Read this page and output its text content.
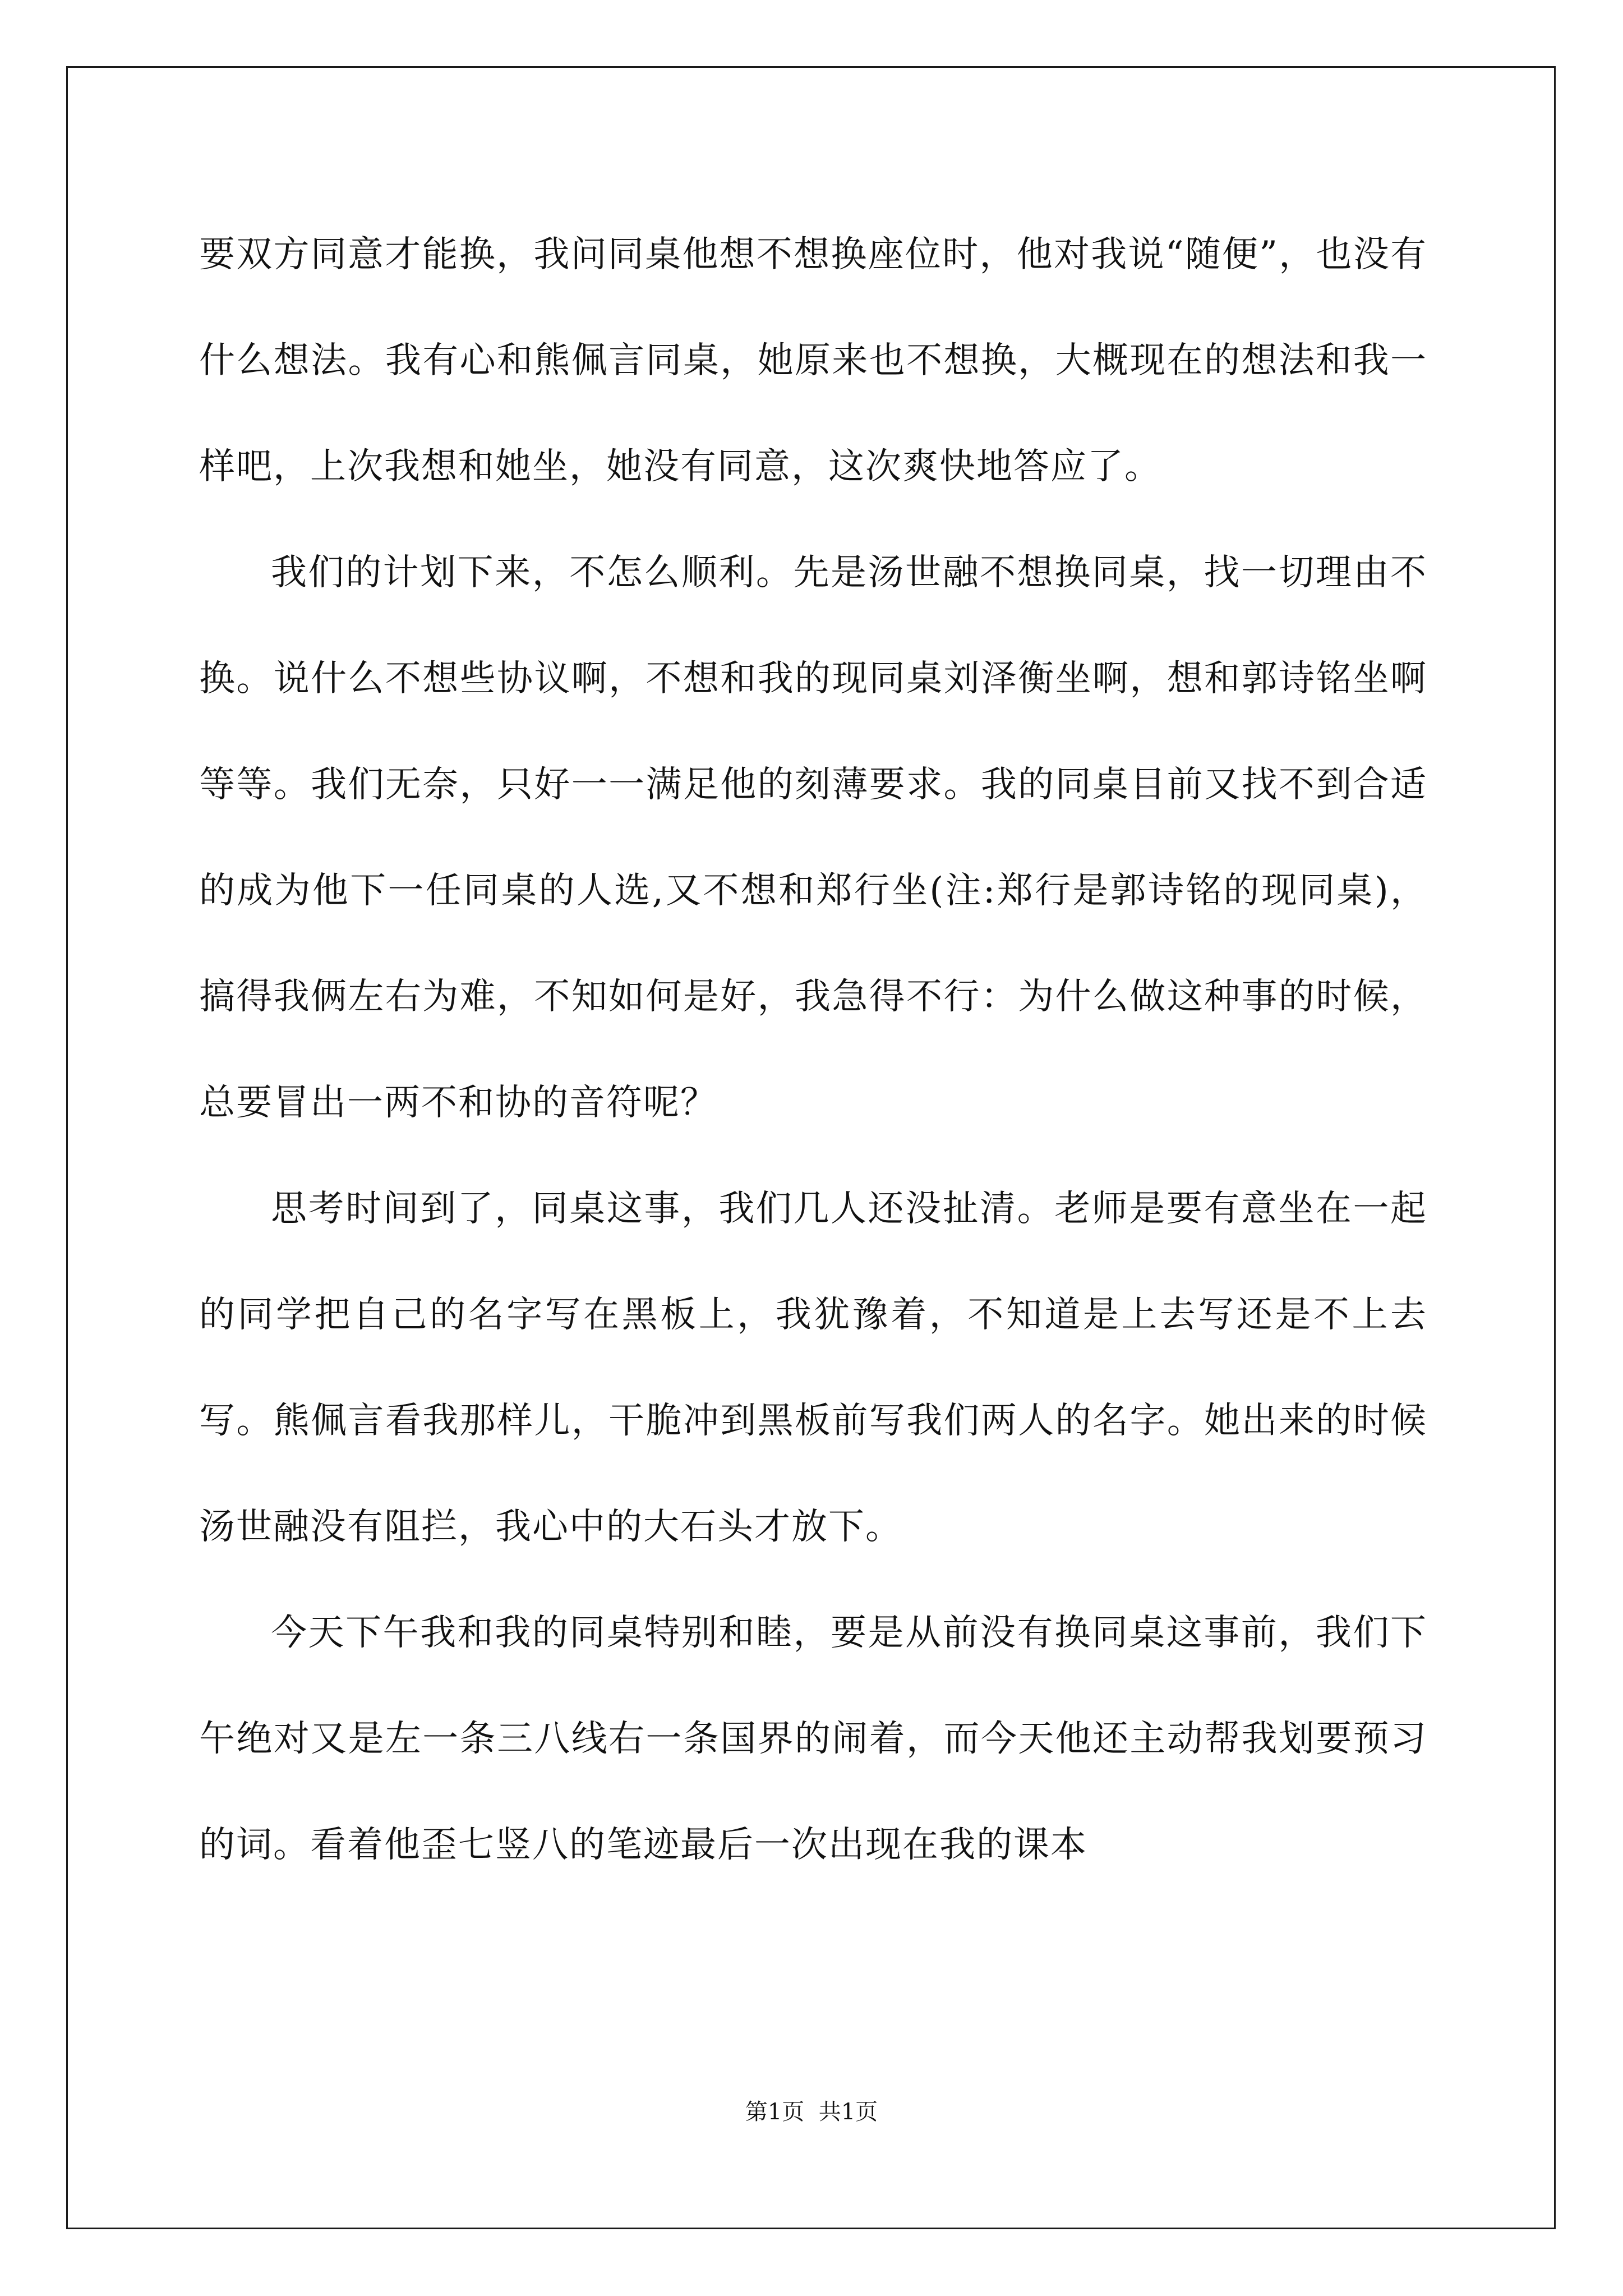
要双方同意才能换，我问同桌他想不想换座位时，他对我说“随便”，也没有什么想法。我有心和熊佩言同桌，她原来也不想换，大概现在的想法和我一样吧，上次我想和她坐，她没有同意，这次爽快地答应了。

我们的计划下来，不怎么顺利。先是汤世融不想换同桌，找一切理由不换。说什么不想些协议啊，不想和我的现同桌刘泽衡坐啊，想和郭诗铭坐啊等等。我们无奈，只好一一满足他的刻薄要求。我的同桌目前又找不到合适的成为他下一任同桌的人选,又不想和郑行坐(注:郑行是郭诗铭的现同桌)，搞得我俩左右为难，不知如何是好，我急得不行：为什么做这种事的时候，总要冒出一两不和协的音符呢？

思考时间到了，同桌这事，我们几人还没扯清。老师是要有意坐在一起的同学把自己的名字写在黑板上，我犹豫着，不知道是上去写还是不上去写。熊佩言看我那样儿，干脆冲到黑板前写我们两人的名字。她出来的时候汤世融没有阻拦，我心中的大石头才放下。

今天下午我和我的同桌特别和睦，要是从前没有换同桌这事前，我们下午绝对又是左一条三八线右一条国界的闹着，而今天他还主动帮我划要预习的词。看着他歪七竖八的笔迹最后一次出现在我的课本

第1页 共1页
